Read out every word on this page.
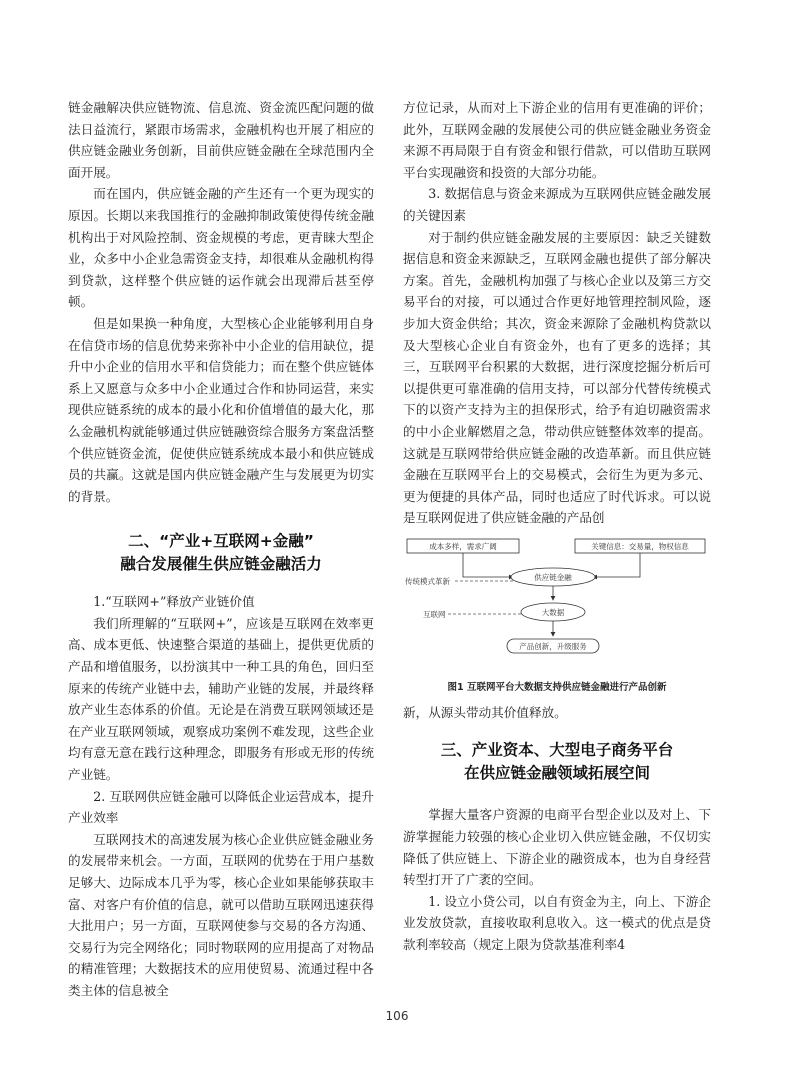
链金融解决供应链物流、信息流、资金流匹配问题的做法日益流行，紧跟市场需求，金融机构也开展了相应的供应链金融业务创新，目前供应链金融在全球范围内全面开展。

而在国内，供应链金融的产生还有一个更为现实的原因。长期以来我国推行的金融抑制政策使得传统金融机构出于对风险控制、资金规模的考虑，更青睐大型企业，众多中小企业急需资金支持，却很难从金融机构得到贷款，这样整个供应链的运作就会出现滞后甚至停顿。

但是如果换一种角度，大型核心企业能够利用自身在信贷市场的信息优势来弥补中小企业的信用缺位，提升中小企业的信用水平和信贷能力；而在整个供应链体系上又愿意与众多中小企业通过合作和协同运营，来实现供应链系统的成本的最小化和价值增值的最大化，那么金融机构就能够通过供应链融资综合服务方案盘活整个供应链资金流，促使供应链系统成本最小和供应链成员的共赢。这就是国内供应链金融产生与发展更为切实的背景。

二、“产业+互联网+金融”
融合发展催生供应链金融活力

1.“互联网+”释放产业链价值

我们所理解的“互联网+”，应该是互联网在效率更高、成本更低、快速整合渠道的基础上，提供更优质的产品和增值服务，以扮演其中一种工具的角色，回归至原来的传统产业链中去，辅助产业链的发展，并最终释放产业生态体系的价值。无论是在消费互联网领域还是在产业互联网领域，观察成功案例不难发现，这些企业均有意无意在践行这种理念，即服务有形或无形的传统产业链。

2. 互联网供应链金融可以降低企业运营成本，提升产业效率

互联网技术的高速发展为核心企业供应链金融业务的发展带来机会。一方面，互联网的优势在于用户基数足够大、边际成本几乎为零，核心企业如果能够获取丰富、对客户有价值的信息，就可以借助互联网迅速获得大批用户；另一方面，互联网使参与交易的各方沟通、交易行为完全网络化；同时物联网的应用提高了对物品的精准管理；大数据技术的应用使贸易、流通过程中各类主体的信息被全

方位记录，从而对上下游企业的信用有更准确的评价；此外，互联网金融的发展使公司的供应链金融业务资金来源不再局限于自有资金和银行借款，可以借助互联网平台实现融资和投资的大部分功能。

3. 数据信息与资金来源成为互联网供应链金融发展的关键因素

对于制约供应链金融发展的主要原因：缺乏关键数据信息和资金来源缺乏，互联网金融也提供了部分解决方案。首先，金融机构加强了与核心企业以及第三方交易平台的对接，可以通过合作更好地管理控制风险，逐步加大资金供给；其次，资金来源除了金融机构贷款以及大型核心企业自有资金外，也有了更多的选择；其三，互联网平台积累的大数据，进行深度挖掘分析后可以提供更可靠准确的信用支持，可以部分代替传统模式下的以资产支持为主的担保形式，给予有迫切融资需求的中小企业解燃眉之急，带动供应链整体效率的提高。这就是互联网带给供应链金融的改造革新。而且供应链金融在互联网平台上的交易模式，会衍生为更为多元、更为便捷的具体产品，同时也适应了时代诉求。可以说是互联网促进了供应链金融的产品创

成本多样，需求广阔	关键信息：交易量，物权信息
传统模式革新
互联网
供应链金融
大数据
产品创新，升级服务
图1 互联网平台大数据支持供应链金融进行产品创新

新，从源头带动其价值释放。

三、产业资本、大型电子商务平台
在供应链金融领域拓展空间

掌握大量客户资源的电商平台型企业以及对上、下游掌握能力较强的核心企业切入供应链金融，不仅切实降低了供应链上、下游企业的融资成本，也为自身经营转型打开了广袤的空间。

1. 设立小贷公司，以自有资金为主，向上、下游企业发放贷款，直接收取利息收入。这一模式的优点是贷款利率较高（规定上限为贷款基准利率4

106
